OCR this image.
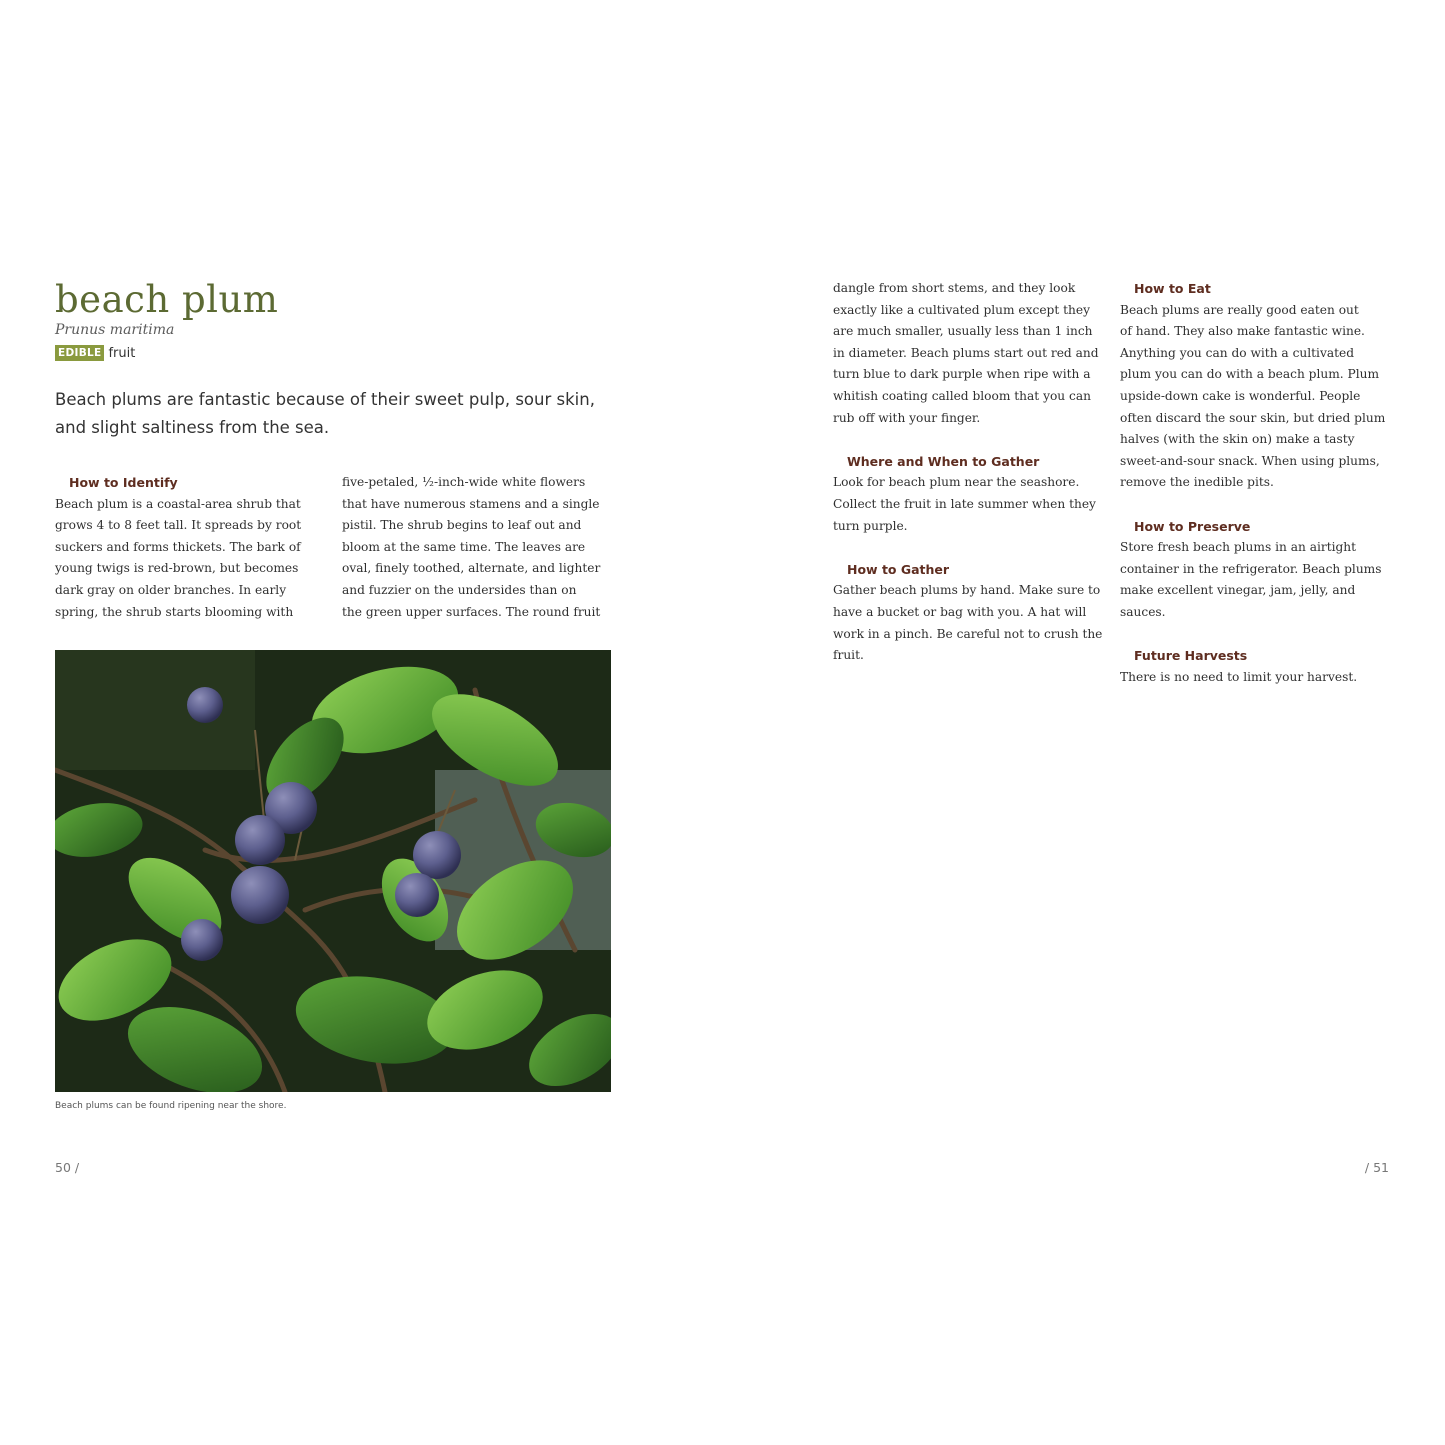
beach plum
Prunus maritima
EDIBLE fruit
Beach plums are fantastic because of their sweet pulp, sour skin,
and slight saltiness from the sea.
How to Identify
Beach plum is a coastal-area shrub that
grows 4 to 8 feet tall. It spreads by root
suckers and forms thickets. The bark of
young twigs is red-brown, but becomes
dark gray on older branches. In early
spring, the shrub starts blooming with
five-petaled, ½-inch-wide white flowers
that have numerous stamens and a single
pistil. The shrub begins to leaf out and
bloom at the same time. The leaves are
oval, finely toothed, alternate, and lighter
and fuzzier on the undersides than on
the green upper surfaces. The round fruit
Beach plums can be found ripening near the shore.
50 /
dangle from short stems, and they look
exactly like a cultivated plum except they
are much smaller, usually less than 1 inch
in diameter. Beach plums start out red and
turn blue to dark purple when ripe with a
whitish coating called bloom that you can
rub off with your finger.
Where and When to Gather
Look for beach plum near the seashore.
Collect the fruit in late summer when they
turn purple.
How to Gather
Gather beach plums by hand. Make sure to
have a bucket or bag with you. A hat will
work in a pinch. Be careful not to crush the
fruit.
How to Eat
Beach plums are really good eaten out
of hand. They also make fantastic wine.
Anything you can do with a cultivated
plum you can do with a beach plum. Plum
upside-down cake is wonderful. People
often discard the sour skin, but dried plum
halves (with the skin on) make a tasty
sweet-and-sour snack. When using plums,
remove the inedible pits.
How to Preserve
Store fresh beach plums in an airtight
container in the refrigerator. Beach plums
make excellent vinegar, jam, jelly, and
sauces.
Future Harvests
There is no need to limit your harvest.
/ 51
